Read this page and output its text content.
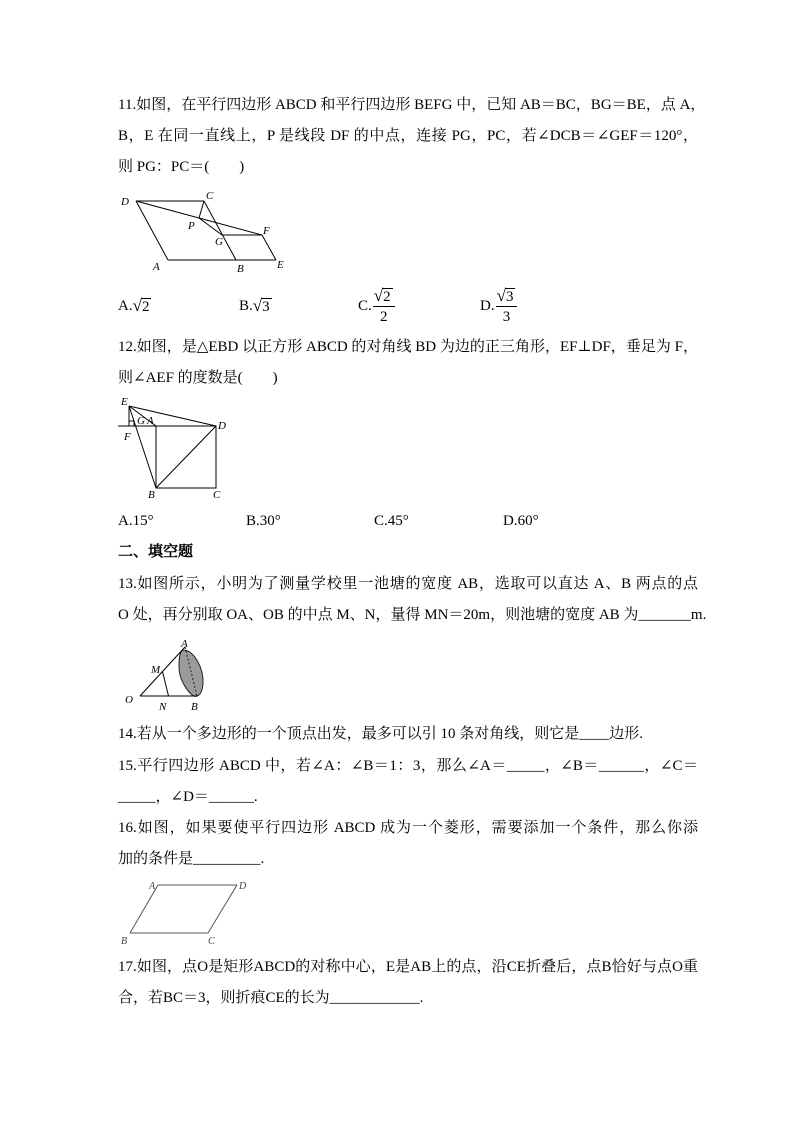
11.如图，在平行四边形 ABCD 和平行四边形 BEFG 中，已知 AB＝BC，BG＝BE，点 A，
B，E 在同一直线上，P 是线段 DF 的中点，连接 PG，PC，若∠DCB＝∠GEF＝120°，
则 PG：PC＝(　　)
D	C
P
G
F
A	B	E
A. √ 2	B. √ 3	C. $\frac{√ 2}{2}$	D. $\frac{√ 3}{3}$
12.如图，是△EBD 以正方形 ABCD 的对角线 BD 为边的正三角形，EF⊥DF，垂足为 F，
则∠AEF 的度数是(　　)
E
G A	D
F
B	C
A.15°	B.30°	C.45°	D.60°
二、填空题
13.如图所示，小明为了测量学校里一池塘的宽度 AB，选取可以直达 A、B 两点的点
O 处，再分别取 OA、OB 的中点 M、N，量得 MN＝20m，则池塘的宽度 AB 为_______m.
A
M
O
N B
14.若从一个多边形的一个顶点出发，最多可以引 10 条对角线，则它是____边形.
15.平行四边形 ABCD 中，若∠A：∠B＝1：3，那么∠A＝_____，∠B＝______，∠C＝
_____，∠D＝______.
16.如图，如果要使平行四边形 ABCD 成为一个菱形，需要添加一个条件，那么你添
加的条件是_________.
A	D
B	C
17.如图，点O是矩形ABCD的对称中心，E是AB上的点，沿CE折叠后，点B恰好与点O重
合，若BC＝3，则折痕CE的长为____________.
